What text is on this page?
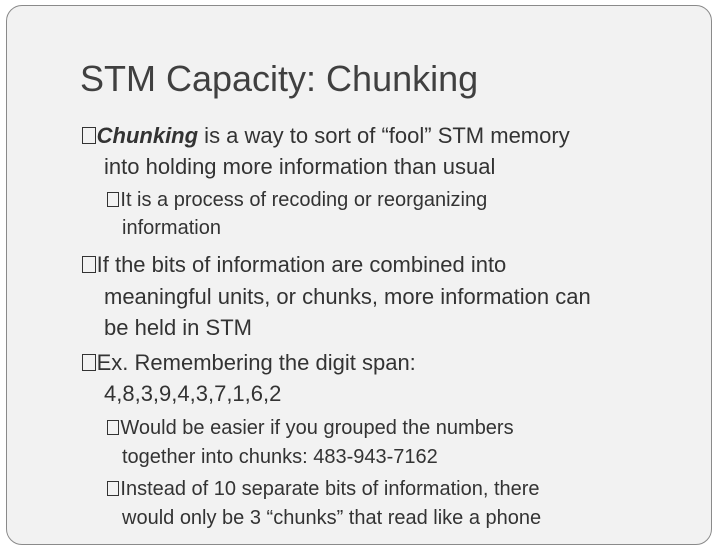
STM Capacity: Chunking
Chunking is a way to sort of “fool” STM memory
into holding more information than usual
It is a process of recoding or reorganizing
information
If the bits of information are combined into
meaningful units, or chunks, more information can
be held in STM
Ex. Remembering the digit span:
4,8,3,9,4,3,7,1,6,2
Would be easier if you grouped the numbers
together into chunks: 483-943-7162
Instead of 10 separate bits of information, there
would only be 3 “chunks” that read like a phone
